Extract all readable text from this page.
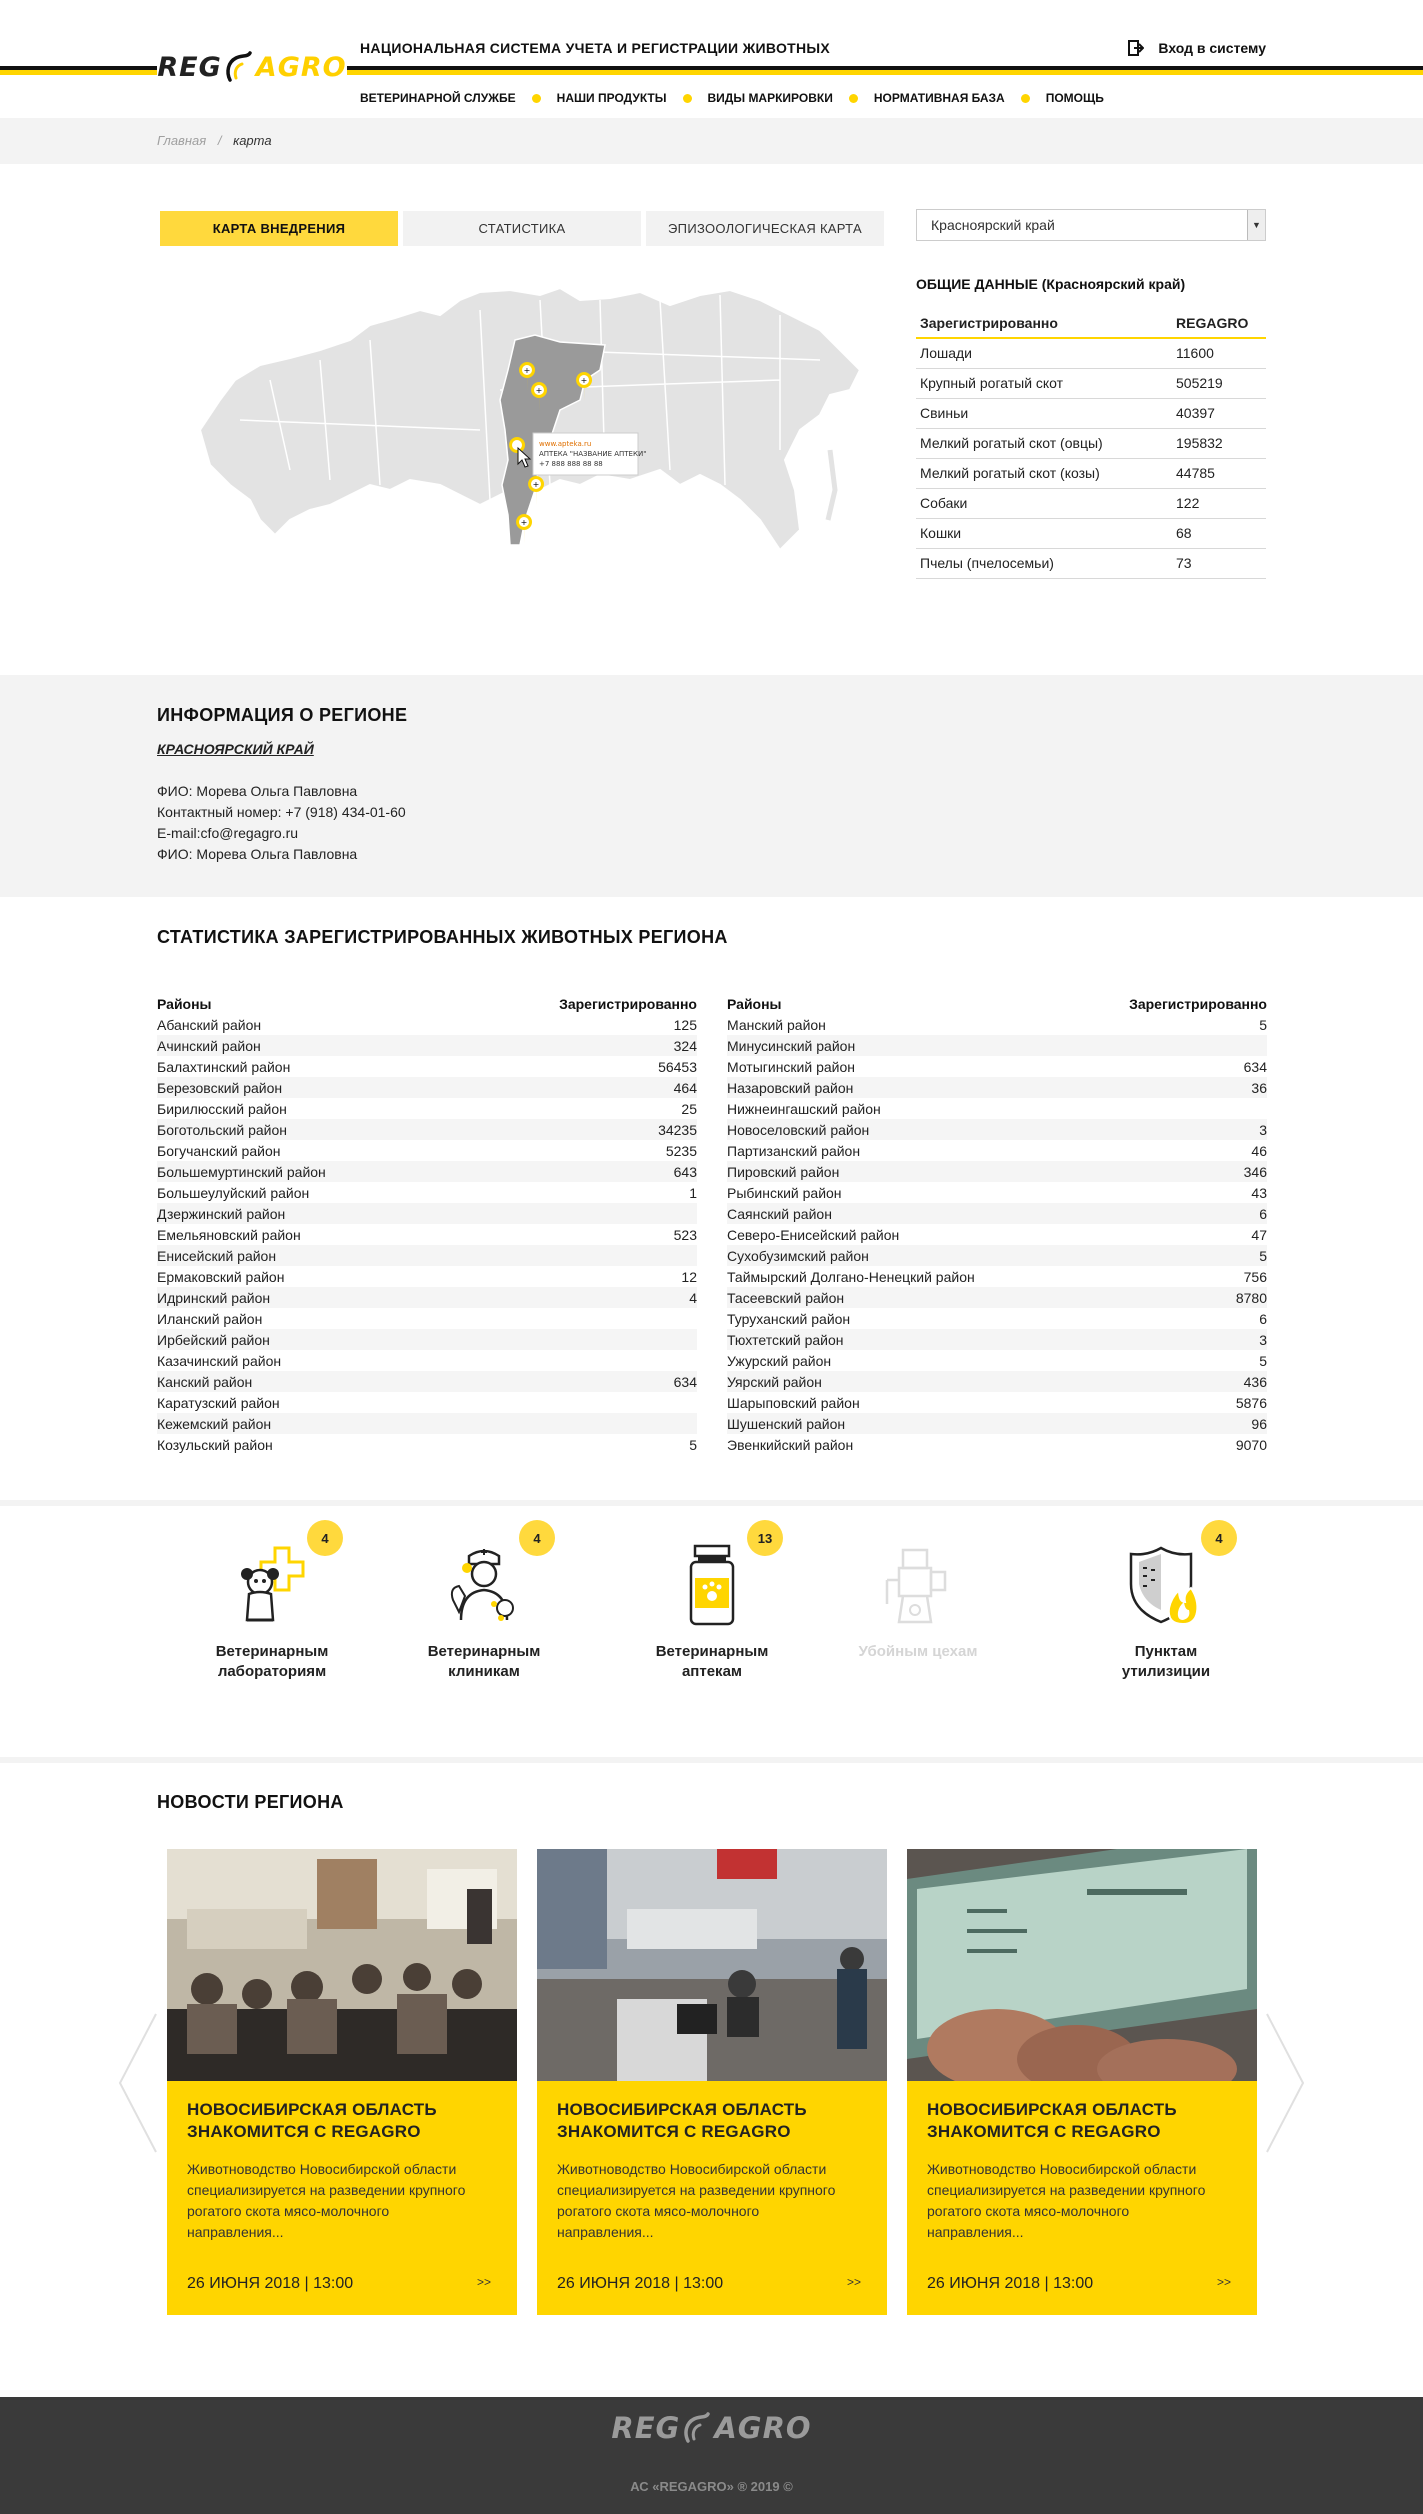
REG AGRO
НАЦИОНАЛЬНАЯ СИСТЕМА УЧЕТА И РЕГИСТРАЦИИ ЖИВОТНЫХ	Вход в систему
ВЕТЕРИНАРНОЙ СЛУЖБЕ	НАШИ ПРОДУКТЫ	ВИДЫ МАРКИРОВКИ	НОРМАТИВНАЯ БАЗА	ПОМОЩЬ
Главная / карта
КАРТА ВНЕДРЕНИЯ	СТАТИСТИКА	ЭПИЗООЛОГИЧЕСКАЯ КАРТА
+
+
+
+
+
www.apteka.ru
АПТЕКА "НАЗВАНИЕ АПТЕКИ"
+7 888 888 88 88
Красноярский край	▼
ОБЩИЕ ДАННЫЕ (Красноярский край)
Зарегистрированно	REGAGRO
Лошади	11600
Крупный рогатый скот	505219
Свиньи	40397
Мелкий рогатый скот (овцы)	195832
Мелкий рогатый скот (козы)	44785
Собаки	122
Кошки	68
Пчелы (пчелосемьи)	73
ИНФОРМАЦИЯ О РЕГИОНЕ
КРАСНОЯРСКИЙ КРАЙ
ФИО: Морева Ольга Павловна
Контактный номер: +7 (918) 434-01-60
E-mail:cfo@regagro.ru
ФИО: Морева Ольга Павловна
СТАТИСТИКА ЗАРЕГИСТРИРОВАННЫХ ЖИВОТНЫХ РЕГИОНА
Районы	Зарегистрированно
Абанский район	125
Ачинский район	324
Балахтинский район	56453
Березовский район	464
Бирилюсский район	25
Боготольский район	34235
Богучанский район	5235
Большемуртинский район	643
Большеулуйский район	1
Дзержинский район
Емельяновский район	523
Енисейский район
Ермаковский район	12
Идринский район	4
Иланский район
Ирбейский район
Казачинский район
Канский район	634
Каратузский район
Кежемский район
Козульский район	5
Районы	Зарегистрированно
Манский район	5
Минусинский район
Мотыгинский район	634
Назаровский район	36
Нижнеингашский район
Новоселовский район	3
Партизанский район	46
Пировский район	346
Рыбинский район	43
Саянский район	6
Северо-Енисейский район	47
Сухобузимский район	5
Таймырский Долгано-Ненецкий район	756
Тасеевский район	8780
Туруханский район	6
Тюхтетский район	3
Ужурский район	5
Уярский район	436
Шарыповский район	5876
Шушенский район	96
Эвенкийский район	9070
4
Ветеринарным
лабораториям
4
Ветеринарным
клиникам
13
Ветеринарным
аптекам
Убойным цехам
4
Пунктам
утилизиции
НОВОСТИ РЕГИОНА
НОВОСИБИРСКАЯ ОБЛАСТЬ
ЗНАКОМИТСЯ С REGAGRO
Животноводство Новосибирской области
специализируется на разведении крупного
рогатого скота мясо-молочного
направления...
26 ИЮНЯ 2018 | 13:00	>>
НОВОСИБИРСКАЯ ОБЛАСТЬ
ЗНАКОМИТСЯ С REGAGRO
Животноводство Новосибирской области
специализируется на разведении крупного
рогатого скота мясо-молочного
направления...
26 ИЮНЯ 2018 | 13:00	>>
НОВОСИБИРСКАЯ ОБЛАСТЬ
ЗНАКОМИТСЯ С REGAGRO
Животноводство Новосибирской области
специализируется на разведении крупного
рогатого скота мясо-молочного
направления...
26 ИЮНЯ 2018 | 13:00	>>
REG AGRO
АС «REGAGRO» ® 2019 ©
